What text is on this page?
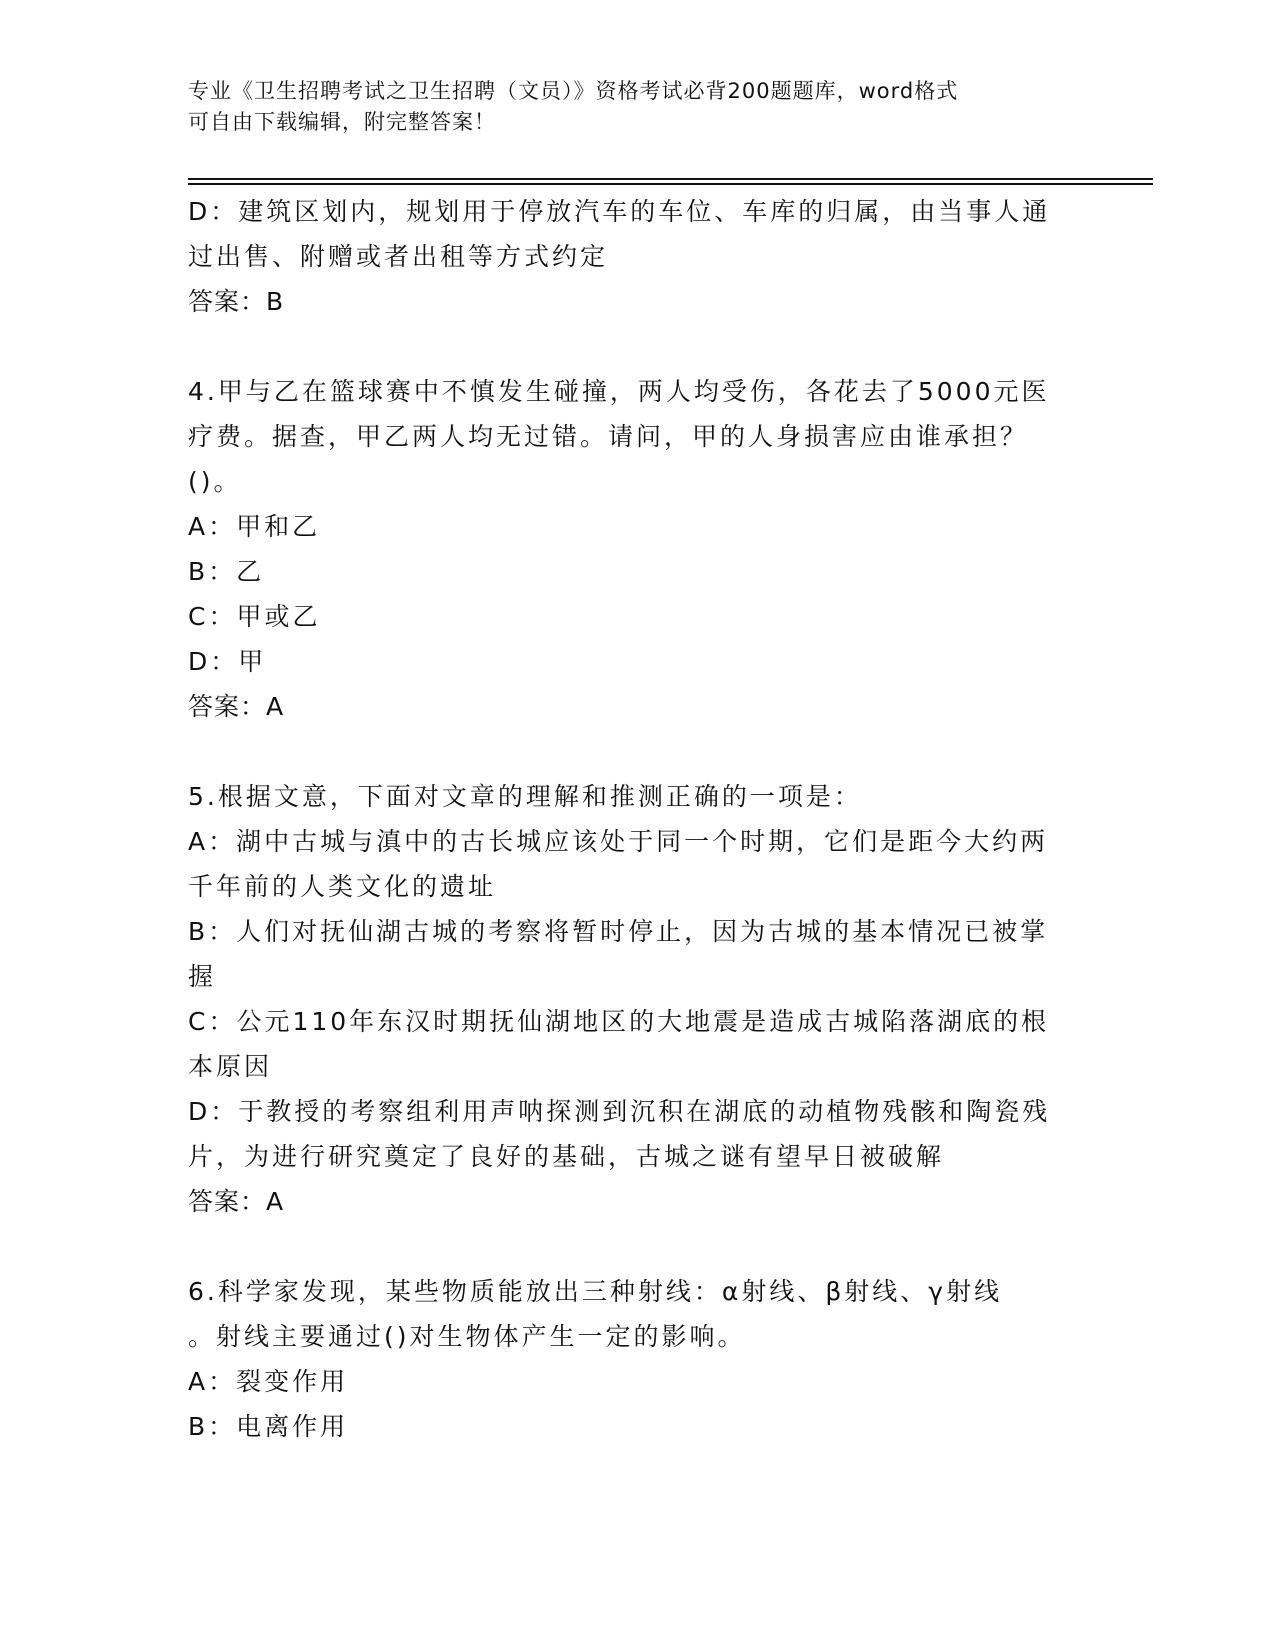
专业《卫生招聘考试之卫生招聘（文员）》资格考试必背200题题库，word格式
可自由下载编辑，附完整答案！
D：建筑区划内，规划用于停放汽车的车位、车库的归属，由当事人通
过出售、附赠或者出租等方式约定
答案：B
4.甲与乙在篮球赛中不慎发生碰撞，两人均受伤，各花去了5000元医
疗费。据查，甲乙两人均无过错。请问，甲的人身损害应由谁承担？
()。
A：甲和乙
B：乙
C：甲或乙
D：甲
答案：A
5.根据文意，下面对文章的理解和推测正确的一项是：
A：湖中古城与滇中的古长城应该处于同一个时期，它们是距今大约两
千年前的人类文化的遗址
B：人们对抚仙湖古城的考察将暂时停止，因为古城的基本情况已被掌
握
C：公元110年东汉时期抚仙湖地区的大地震是造成古城陷落湖底的根
本原因
D：于教授的考察组利用声呐探测到沉积在湖底的动植物残骸和陶瓷残
片，为进行研究奠定了良好的基础，古城之谜有望早日被破解
答案：A
6.科学家发现，某些物质能放出三种射线：α射线、β射线、γ射线
。射线主要通过()对生物体产生一定的影响。
A：裂变作用
B：电离作用
